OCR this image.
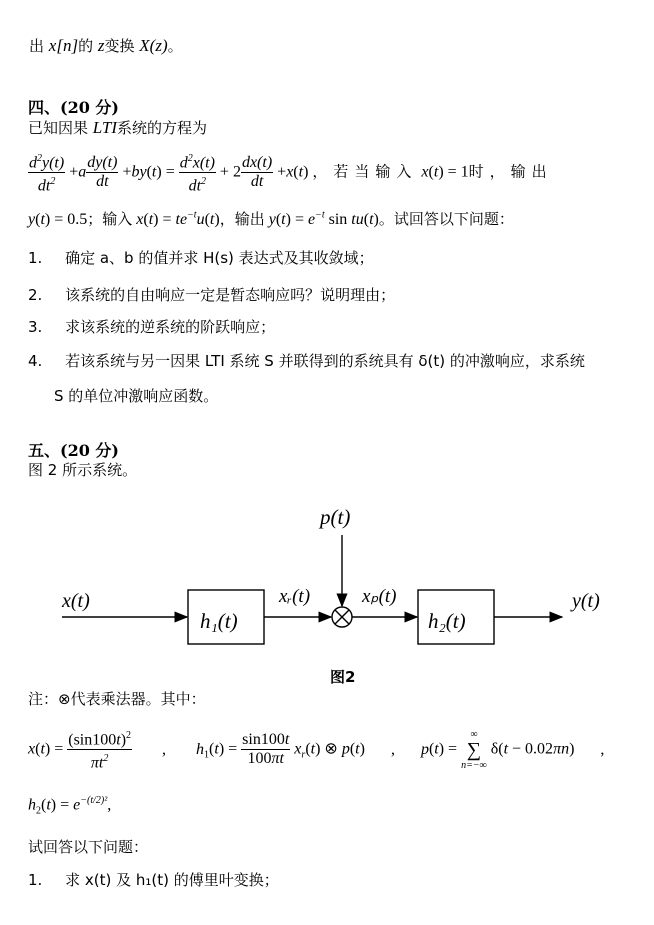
出 x[n]的 z变换 X(z)。
四、(20 分)
已知因果 LTI系统的方程为
$\frac{d^2y(t)}{dt^2} +a \frac{dy(t)}{dt} +by(t) = \frac{d^2x(t)}{dt^2} + 2 \frac{dx(t)}{dt} +x(t)$ ，若当输入 x(t) = 1时，输出
y(t) = 0.5；输入 $x(t) = te^{-t}u(t)$，输出 $y(t) = e^{-t}$ sin tu(t)。试回答以下问题：
1. 确定 a、b 的值并求 H(s) 表达式及其收敛域；
2. 该系统的自由响应一定是暂态响应吗？说明理由；
3. 求该系统的逆系统的阶跃响应；
4. 若该系统与另一因果 LTI 系统 S 并联得到的系统具有 δ(t) 的冲激响应，求系统
S 的单位冲激响应函数。
五、(20 分)
图 2 所示系统。
x(t)
h₁(t)
xᵣ(t)
p(t)
xₚ(t)
h₂(t)
y(t)
图2
注：⊗代表乘法器。其中：
$x(t) = \frac{(\sin 100t)^2}{\pi t^2}$ , $h_1(t) = \frac{\sin 100t}{100\pi t} x_r(t)$ ⊗ p(t) , p(t) =
∞
∑
n=−∞
δ(t − 0.02πn) ,
$h_2(t) = e^{-(t/2)^2}$,
试回答以下问题：
1. 求 x(t) 及 h₁(t) 的傅里叶变换；
